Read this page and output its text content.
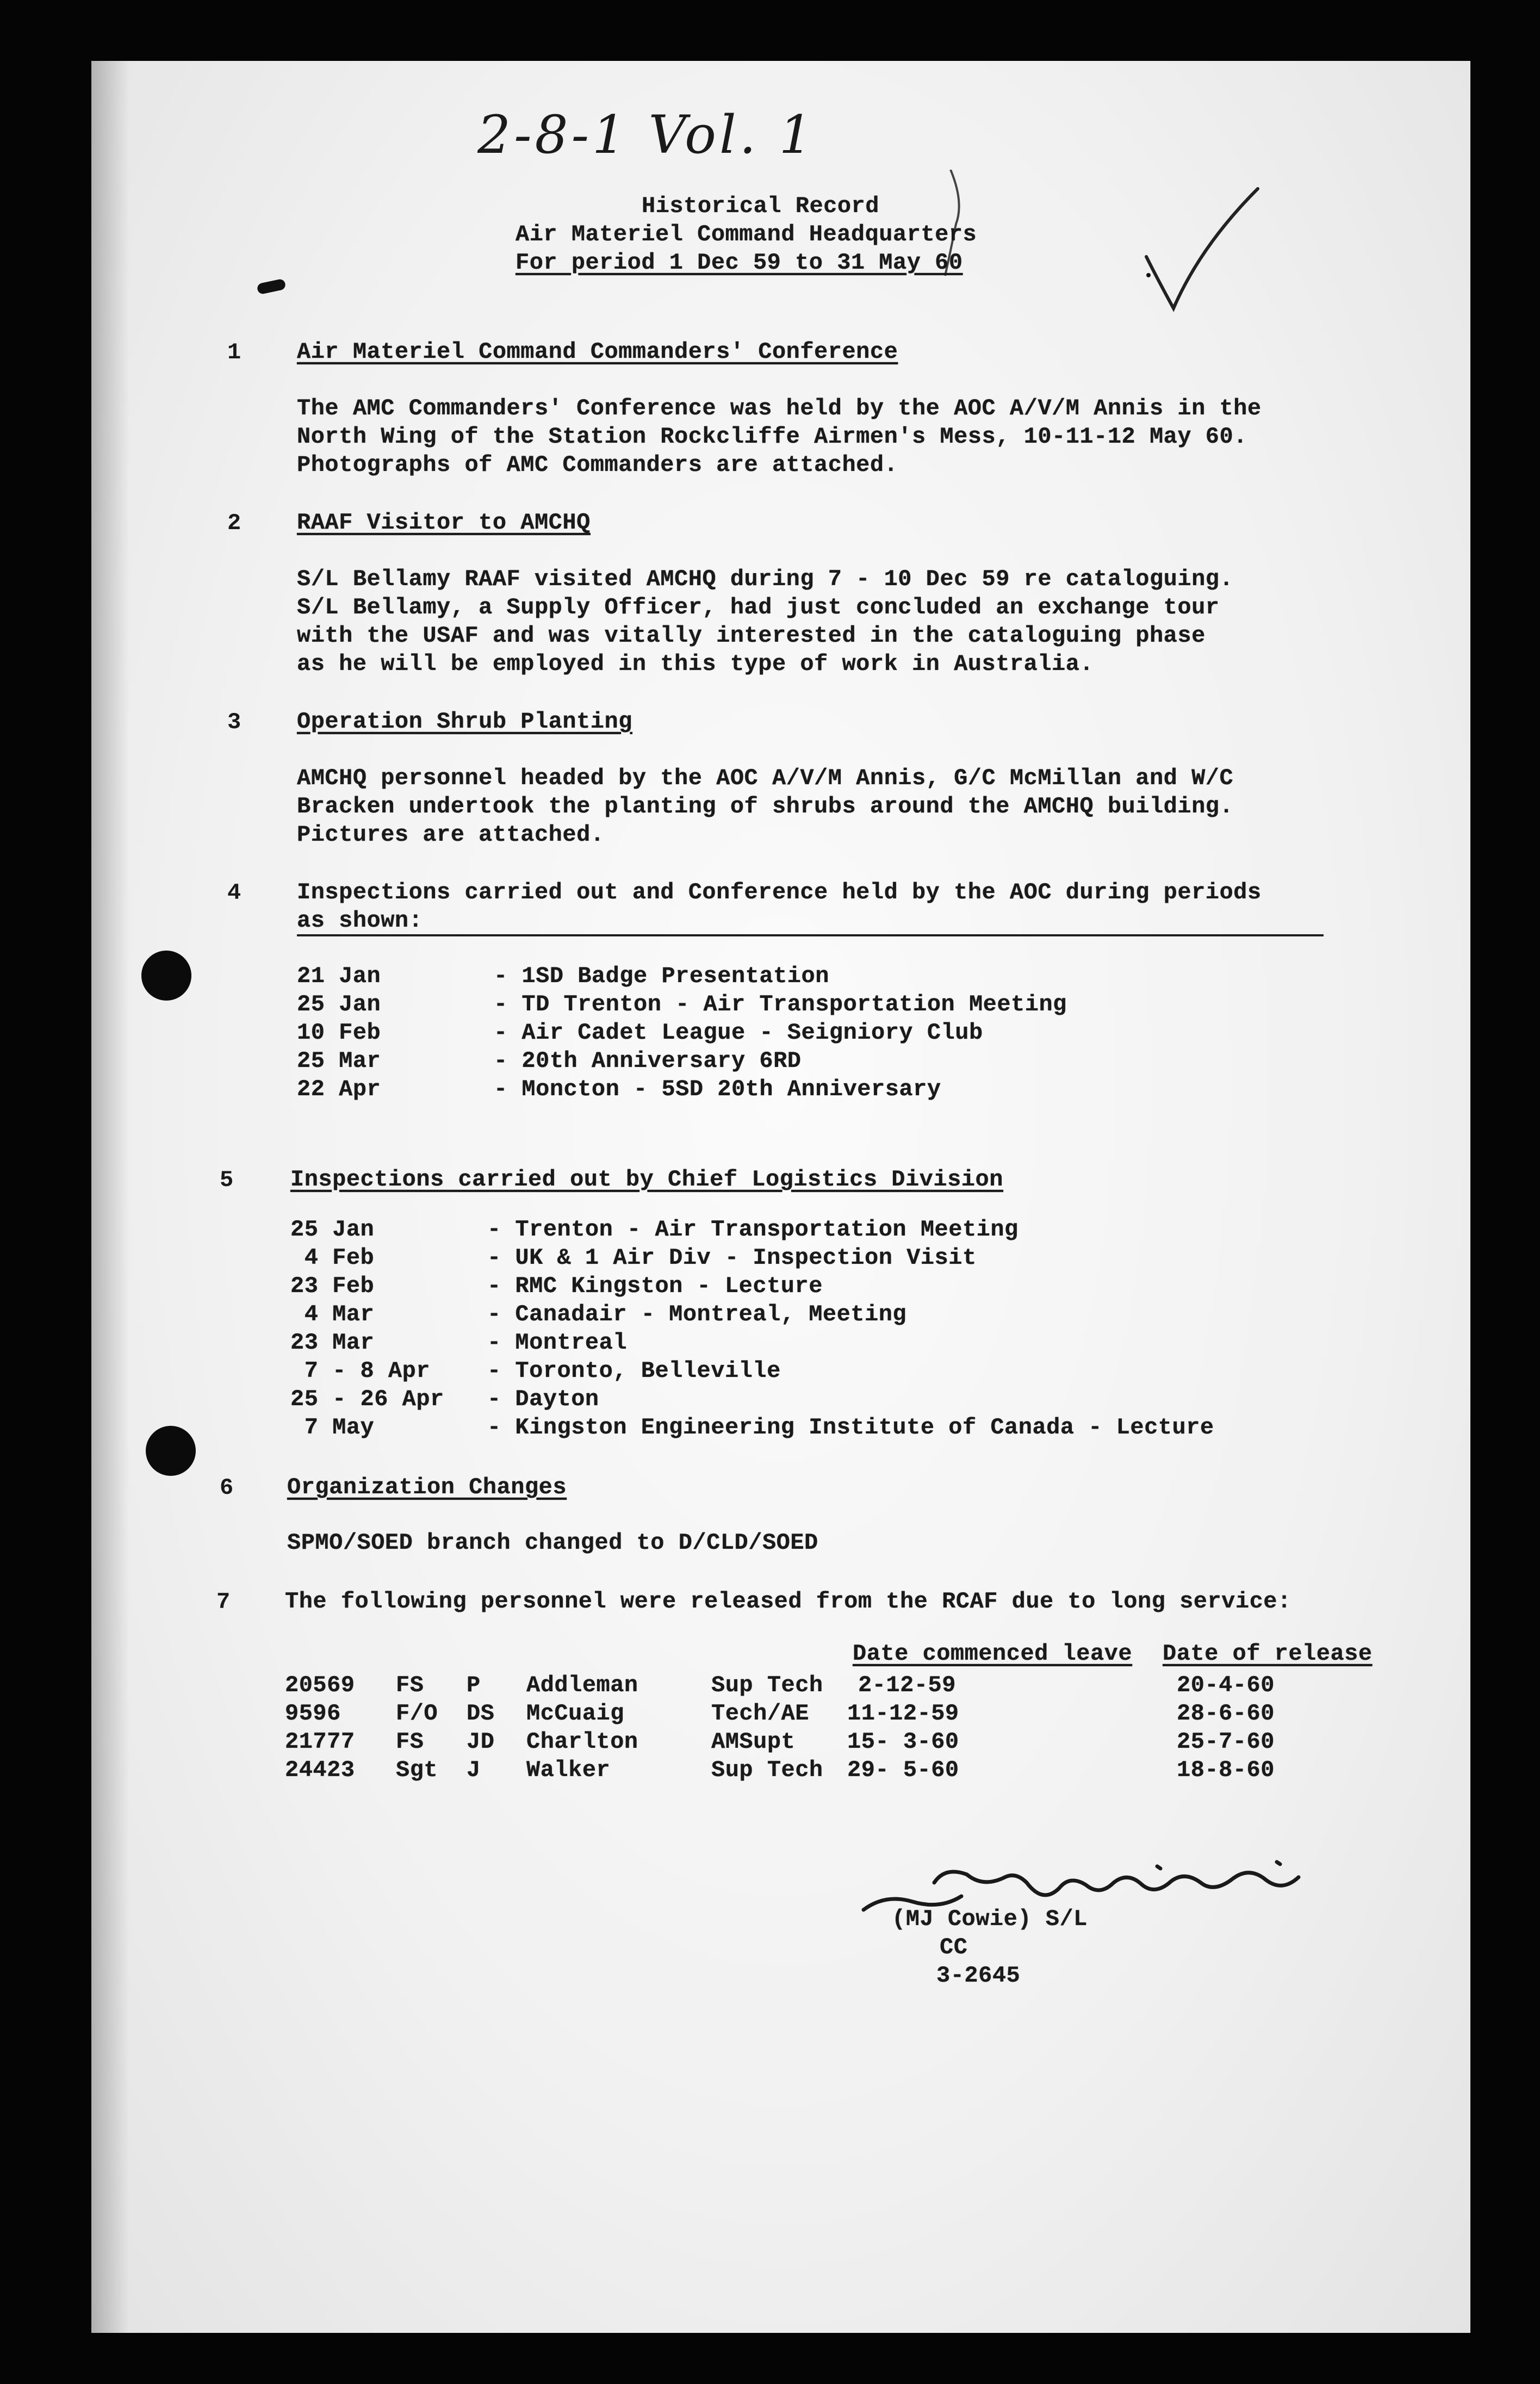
2-8-1 Vol. 1
Historical Record
Air Materiel Command Headquarters
For period 1 Dec 59 to 31 May 60
1 Air Materiel Command Commanders' Conference
The AMC Commanders' Conference was held by the AOC A/V/M Annis in the
North Wing of the Station Rockcliffe Airmen's Mess, 10-11-12 May 60.
Photographs of AMC Commanders are attached.
2 RAAF Visitor to AMCHQ
S/L Bellamy RAAF visited AMCHQ during 7 - 10 Dec 59 re cataloguing.
S/L Bellamy, a Supply Officer, had just concluded an exchange tour
with the USAF and was vitally interested in the cataloguing phase
as he will be employed in this type of work in Australia.
3 Operation Shrub Planting
AMCHQ personnel headed by the AOC A/V/M Annis, G/C McMillan and W/C
Bracken undertook the planting of shrubs around the AMCHQ building.
Pictures are attached.
4 Inspections carried out and Conference held by the AOC during periods
as shown:
21 Jan	- 1SD Badge Presentation
25 Jan	- TD Trenton - Air Transportation Meeting
10 Feb	- Air Cadet League - Seigniory Club
25 Mar	- 20th Anniversary 6RD
22 Apr	- Moncton - 5SD 20th Anniversary
5 Inspections carried out by Chief Logistics Division
25 Jan	- Trenton - Air Transportation Meeting
4 Feb	- UK & 1 Air Div - Inspection Visit
23 Feb	- RMC Kingston - Lecture
4 Mar	- Canadair - Montreal, Meeting
23 Mar	- Montreal
7 - 8 Apr - Toronto, Belleville
25 - 26 Apr - Dayton
7 May	- Kingston Engineering Institute of Canada - Lecture
6 Organization Changes
SPMO/SOED branch changed to D/CLD/SOED
7 The following personnel were released from the RCAF due to long service:
Date commenced leave Date of release
20569 FS P Addleman	Sup Tech 2-12-59	20-4-60
9596 F/O DS McCuaig	Tech/AE 11-12-59	28-6-60
21777 FS JD Charlton	AMSupt 15- 3-60	25-7-60
24423 Sgt J Walker	Sup Tech 29- 5-60	18-8-60
(MJ Cowie) S/L
CC
3-2645
